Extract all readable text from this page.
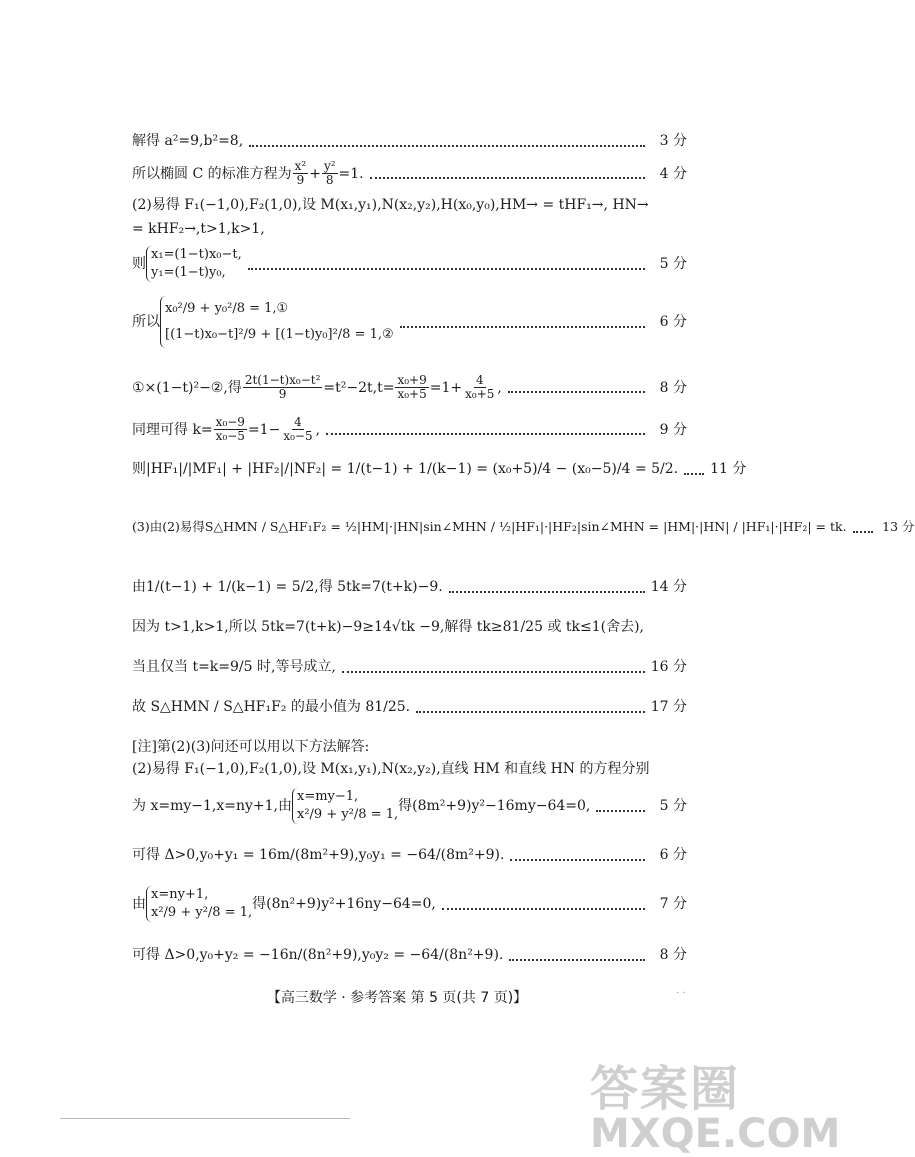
解得 a²=9,b²=8,	3 分
所以椭圆 C 的标准方程为 $\frac{\text{x²}}{9} + \frac{\text{y²}}{8} =1$.	4 分
(2)易得 F₁(−1,0),F₂(1,0),设 M(x₁,y₁),N(x₂,y₂),H(x₀,y₀),HM→ = tHF₁→, HN→
= kHF₂→,t>1,k>1,
则
x₁=(1−t)x₀−t,
y₁=(1−t)y₀,
5 分
所以
x₀²/9 + y₀²/8 = 1,①
[(1−t)x₀−t]²/9 + [(1−t)y₀]²/8 = 1,②
6 分
①×(1−t)²−②,得 $\frac{\text{2t(1−t)x₀−t²}}{9} =t^2-2t,t= \frac{\text{x₀+9}}{\text{x₀+5}} =1+ \frac{4}{\text{x₀+5}}$ ,	8 分
同理可得 $k= \frac{\text{x₀−9}}{\text{x₀−5}} =1- \frac{4}{\text{x₀−5}}$ ,	9 分
则 |HF₁|/|MF₁| + |HF₂|/|NF₂| = 1/(t−1) + 1/(k−1) = (x₀+5)/4 − (x₀−5)/4 = 5/2. 11 分
(3)由(2)易得 S△HMN / S△HF₁F₂ = ½|HM|·|HN|sin∠MHN / ½|HF₁|·|HF₂|sin∠MHN = |HM|·|HN| / |HF₁|·|HF₂| = tk.	13 分
由 1/(t−1) + 1/(k−1) = 5/2,得 5tk=7(t+k)−9.	14 分
因为 t>1,k>1,所以 5tk=7(t+k)−9≥14√tk −9,解得 tk≥81/25 或 tk≤1(舍去),
当且仅当 t=k=9/5 时,等号成立,	16 分
故 S△HMN / S△HF₁F₂ 的最小值为 81/25.	17 分
[注]第(2)(3)问还可以用以下方法解答:
(2)易得 F₁(−1,0),F₂(1,0),设 M(x₁,y₁),N(x₂,y₂),直线 HM 和直线 HN 的方程分别
为 x=my−1,x=ny+1,由
x=my−1,
x²/9 + y²/8 = 1,
得(8m²+9)y²−16my−64=0,	5 分
可得 Δ>0,y₀+y₁ = 16m/(8m²+9),y₀y₁ = −64/(8m²+9).	6 分
由
x=ny+1,
x²/9 + y²/8 = 1,
得(8n²+9)y²+16ny−64=0,	7 分
可得 Δ>0,y₀+y₂ = −16n/(8n²+9),y₀y₂ = −64/(8n²+9).	8 分
【高三数学 · 参考答案 第 5 页(共 7 页)】	· ·
答案圈
MXQE.COM
